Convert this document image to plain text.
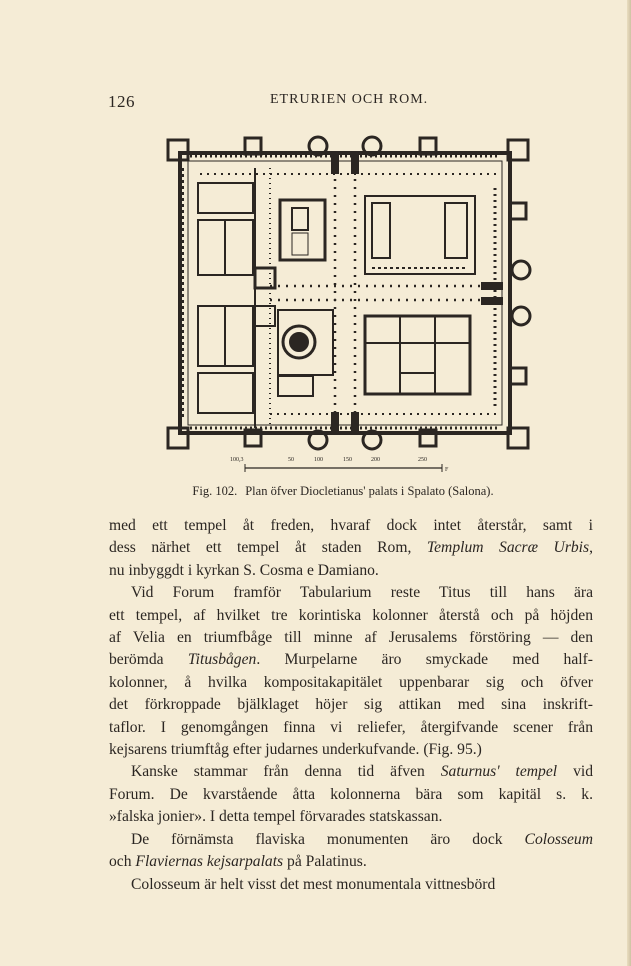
126	ETRURIEN OCH ROM.
100,3	50	100	150	200	250
F
Fig. 102. Plan öfver Diocletianus' palats i Spalato (Salona).

med ett tempel åt freden, hvaraf dock intet återstår, samt i
dess närhet ett tempel åt staden Rom, Templum Sacræ Urbis,
nu inbyggdt i kyrkan S. Cosma e Damiano.

Vid Forum framför Tabularium reste Titus till hans ära
ett tempel, af hvilket tre korintiska kolonner återstå och på höjden
af Velia en triumfbåge till minne af Jerusalems förstöring — den
berömda Titusbågen. Murpelarne äro smyckade med half-
kolonner, å hvilka kompositakapitälet uppenbarar sig och öfver
det förkroppade bjälklaget höjer sig attikan med sina inskrift-
taflor. I genomgången finna vi reliefer, återgifvande scener från
kejsarens triumftåg efter judarnes underkufvande. (Fig. 95.)

Kanske stammar från denna tid äfven Saturnus' tempel vid
Forum. De kvarstående åtta kolonnerna bära som kapitäl s. k.
»falska jonier». I detta tempel förvarades statskassan.

De förnämsta flaviska monumenten äro dock Colosseum
och Flaviernas kejsarpalats på Palatinus.

Colosseum är helt visst det mest monumentala vittnesbörd
